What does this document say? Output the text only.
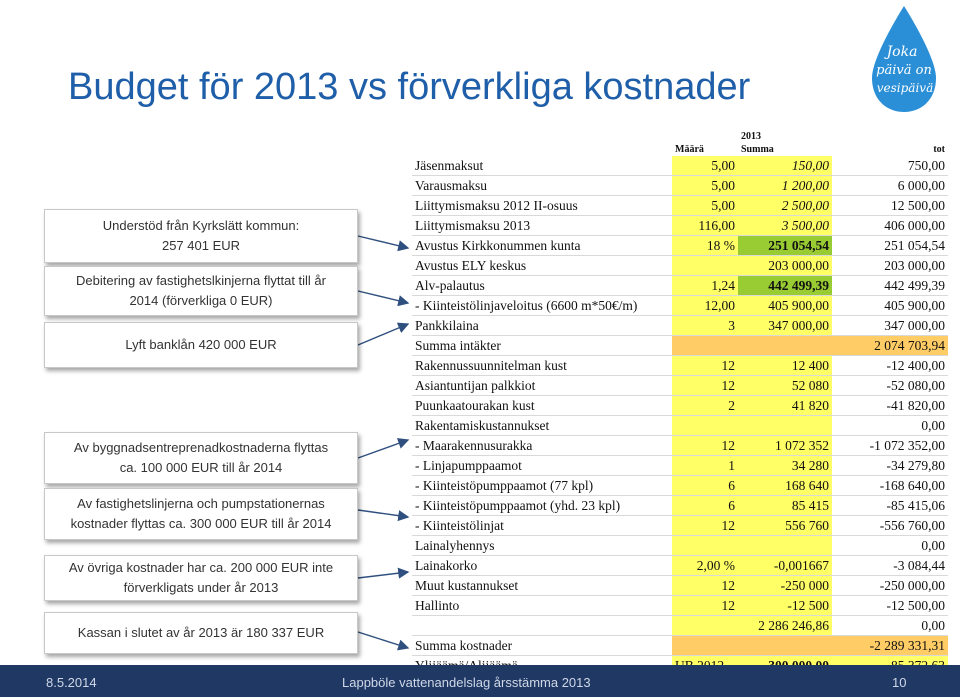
Budget för 2013 vs förverkliga kostnader
Joka
päivä on
vesipäivä
Understöd från Kyrkslätt kommun:
257 401 EUR
Debitering av fastighetslkinjerna flyttat till år
2014 (förverkliga 0 EUR)
Lyft banklån 420 000 EUR
Av byggnadsentreprenadkostnaderna flyttas
ca. 100 000 EUR till år 2014
Av fastighetslinjerna och pumpstationernas
kostnader flyttas ca. 300 000 EUR till år 2014
Av övriga kostnader har ca. 200 000 EUR inte
förverkligats under år 2013
Kassan i slutet av år 2013 är 180 337 EUR
		2013	
	Määrä	Summa	tot
Jäsenmaksut	5,00	150,00	750,00
Varausmaksu	5,00	1 200,00	6 000,00
Liittymismaksu 2012 II-osuus	5,00	2 500,00	12 500,00
Liittymismaksu 2013	116,00	3 500,00	406 000,00
Avustus Kirkkonummen kunta	18 %	251 054,54	251 054,54
Avustus ELY keskus		203 000,00	203 000,00
Alv-palautus	1,24	442 499,39	442 499,39
- Kiinteistölinjaveloitus (6600 m*50€/m)	12,00	405 900,00	405 900,00
Pankkilaina	3	347 000,00	347 000,00
Summa intäkter			2 074 703,94
Rakennussuunnitelman kust	12	12 400	-12 400,00
Asiantuntijan palkkiot	12	52 080	-52 080,00
Puunkaatourakan kust	2	41 820	-41 820,00
Rakentamiskustannukset			0,00
- Maarakennusurakka	12	1 072 352	-1 072 352,00
- Linjapumppaamot	1	34 280	-34 279,80
- Kiinteistöpumppaamot (77 kpl)	6	168 640	-168 640,00
- Kiinteistöpumppaamot (yhd. 23 kpl)	6	85 415	-85 415,06
- Kiinteistölinjat	12	556 760	-556 760,00
Lainalyhennys			0,00
Lainakorko	2,00 %	-0,001667	-3 084,44
Muut kustannukset	12	-250 000	-250 000,00
Hallinto	12	-12 500	-12 500,00
		2 286 246,86	0,00
Summa kostnader			-2 289 331,31

8.5.2014	Lappböle vattenandelslag årsstämma 2013	10
